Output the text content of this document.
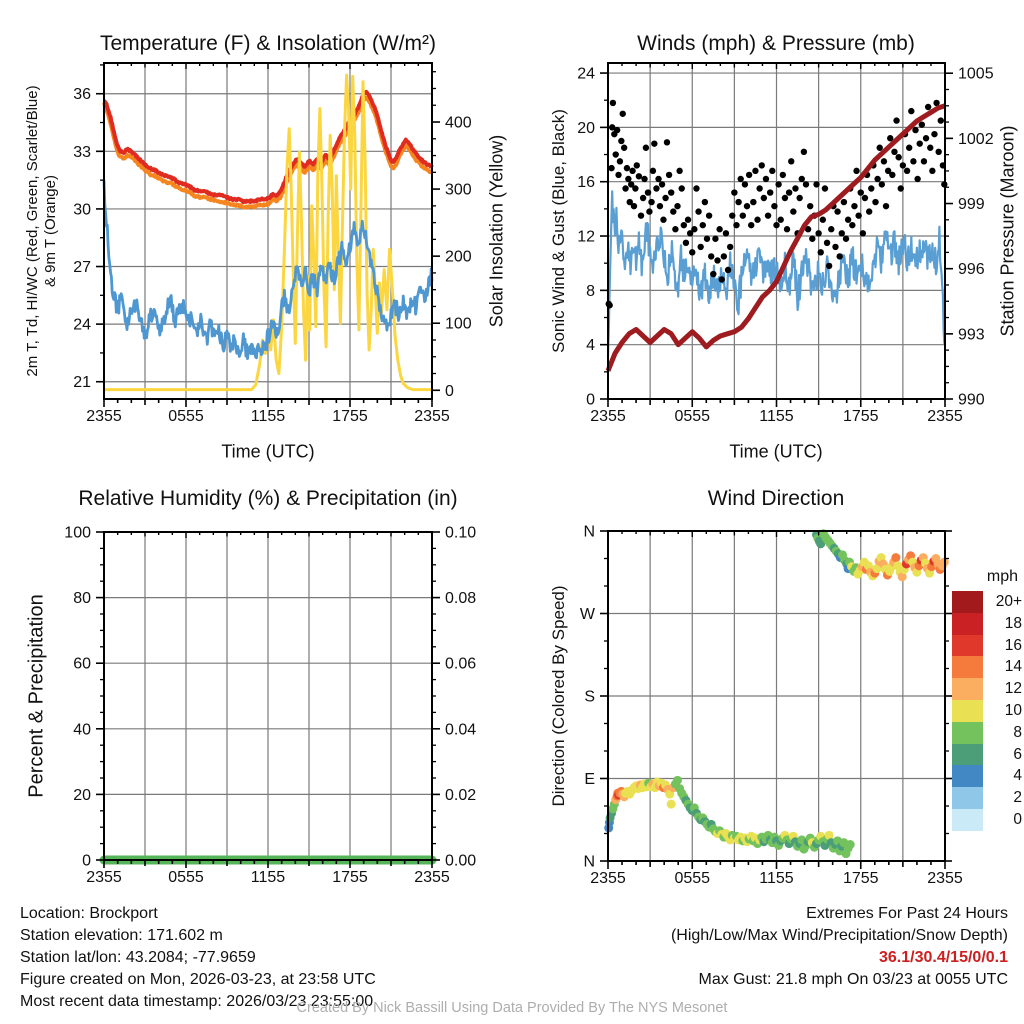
2355	0555	1155	1755	2355
21
24
27
30
33
36
0
100
200
300
400
2355	0555	1155	1755	2355
0
4
8
12
16
20
24
990
993
996
999
1002
1005
2355	0555	1155	1755	2355
0
20
40
60
80
100
0.00
0.02
0.04
0.06
0.08
0.10
2355	0555	1155	1755	2355
N
E
S
W
N
Temperature (F) & Insolation (W/m²)	Winds (mph) & Pressure (mb)
Relative Humidity (%) & Precipitation (in)	Wind Direction
2m T, Td, HI/WC (Red, Green, Scarlet/Blue) & 9m T (Orange)	Solar Insolation (Yellow)
Time (UTC)
Sonic Wind & Gust (Blue, Black)	Station Pressure (Maroon)
Time (UTC)
Percent & Precipitation	Direction (Colored By Speed)
mph
20+
18
16
14
12
10
8
6
4
2
0
Location: Brockport
Station elevation: 171.602 m
Station lat/lon: 43.2084; -77.9659
Figure created on Mon, 2026-03-23, at 23:58 UTC
Most recent data timestamp: 2026/03/23 23:55:00
Extremes For Past 24 Hours
(High/Low/Max Wind/Precipitation/Snow Depth)
36.1/30.4/15/0/0.1
Max Gust: 21.8 mph On 03/23 at 0055 UTC
Created By Nick Bassill Using Data Provided By The NYS Mesonet
